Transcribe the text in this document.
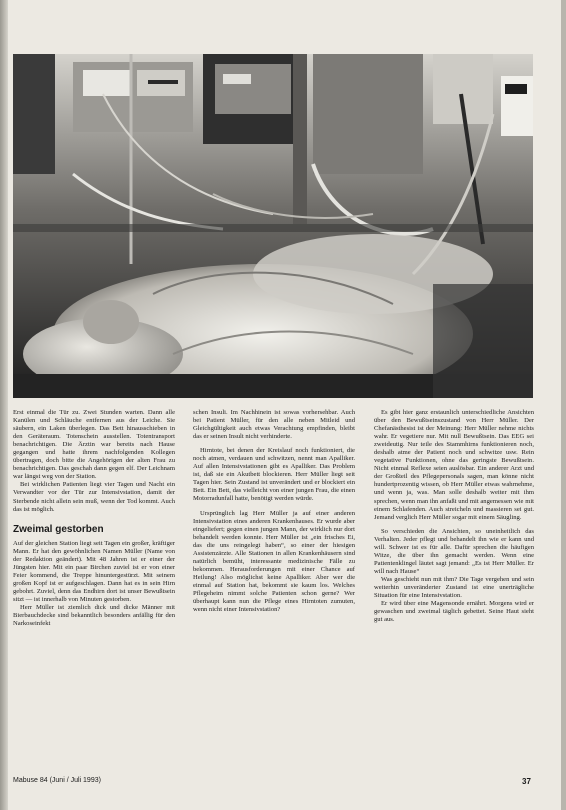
Erst einmal die Tür zu. Zwei Stunden warten. Dann alle Kanülen und Schläuche entfernen aus der Leiche. Sie säubern, ein Laken überlegen. Das Bett hinausschieben in den Geräteraum. Totenschein ausstellen. Totentransport benachrichtigen. Die Ärztin war bereits nach Hause gegangen und hatte ihrem nachfolgenden Kollegen übertragen, doch bitte die Angehörigen der alten Frau zu benachrichtigen. Das geschah dann gegen elf. Der Leichnam war längst weg von der Station.

Bei wirklichen Patienten liegt vier Tagen und Nacht ein Verwandter vor der Tür zur Intensivstation, damit der Sterbende nicht allein sein muß, wenn der Tod kommt. Auch das ist möglich.

Zweimal gestorben

Auf der gleichen Station liegt seit Tagen ein großer, kräftiger Mann. Er hat den gewöhnlichen Namen Müller (Name von der Redaktion geändert). Mit 48 Jahren ist er einer der Jüngsten hier. Mit ein paar Birchen zuviel ist er von einer Feier kommend, die Treppe hinuntergestürzt. Mit seinem großen Kopf ist er aufgeschlagen. Dann hat es in sein Hirn gebohrt. Zuviel, denn das Endhirn dort ist unser Bewußtsein sitzt — ist innerhalb von Minuten gestorben.

Herr Müller ist ziemlich dick und dicke Männer mit Bierbauchdecke sind bekanntlich besonders anfällig für den Narkoseinfekt

schen Insuli. Im Nachhinein ist sowas vorhersehbar. Auch bei Patient Müller, für den alle neben Mitleid und Gleichgültigkeit auch etwas Verachtung empfinden, bleibt das er seinen Insult nicht verhinderte.

Hirntote, bei denen der Kreislauf noch funktioniert, die noch atmen, verdauen und schwitzen, nennt man Apalliker. Auf allen Intensivstationen gibt es Apalliker. Das Problem ist, daß sie ein Akutbett blockieren. Herr Müller liegt seit Tagen hier. Sein Zustand ist unverändert und er blockiert ein Bett. Ein Bett, das vielleicht von einer jungen Frau, die einen Motorradunfall hatte, benötigt werden würde.

Ursprünglich lag Herr Müller ja auf einer anderen Intensivstation eines anderen Krankenhauses. Er wurde aber eingeliefert; gegen einen jungen Mann, der wirklich nur dort behandelt werden konnte. Herr Müller ist „ein frisches Ei, das die uns reingelegt haben“, so einer der hiesigen Assistenzärzte. Alle Stationen in allen Krankenhäusern sind natürlich bemüht, interessante medizinische Fälle zu bekommen. Herausforderungen mit einer Chance auf Heilung! Also möglichst keine Apalliker. Aber wer die einmal auf Station hat, bekommt sie kaum los. Welches Pflegeheim nimmt solche Patienten schon gerne? Wer überhaupt kann nun die Pflege eines Hirntoten zumuten, wenn nicht einer Intensivstation?

Es gibt hier ganz erstaunlich unterschiedliche Ansichten über den Bewußtseinszustand von Herr Müller. Der Chefanästhesist ist der Meinung: Herr Müller nehme nichts wahr. Er vegetiere nur. Mit null Bewußtsein. Das EEG sei zweideutig. Nur teile des Stammhirns funktionieren noch, deshalb atme der Patient noch und schwitze usw. Rein vegetative Funktionen, ohne das geringste Bewußtsein. Nicht einmal Reflexe seien auslösbar. Ein anderer Arzt und der Großteil des Pflegepersonals sagen, man könne nicht hundertprozentig wissen, ob Herr Müller etwas wahrnehme, und wenn ja, was. Man solle deshalb weiter mit ihm sprechen, wenn man ihn anfaßt und mit angemessen wie mit einem Schlafenden. Auch streicheln und massieren sei gut. Jemand verglich Herr Müller sogar mit einem Säugling.

So verschieden die Ansichten, so uneinheitlich das Verhalten. Jeder pflegt und behandelt ihn wie er kann und will. Schwer ist es für alle. Dafür sprechen die häufigen Witze, die über ihn gemacht werden. Wenn eine Patientenklingel läutet sagt jemand: „Es ist Herr Müller. Er will nach Hause“

Was geschieht nun mit ihm? Die Tage vergehen und sein weiterhin unveränderter Zustand ist eine unerträgliche Situation für eine Intensivstation.

Er wird über eine Magensonde ernährt. Morgens wird er gewaschen und zweimal täglich gebettet. Seine Haut sieht gut aus.

Mabuse 84 (Juni / Juli 1993)	37
